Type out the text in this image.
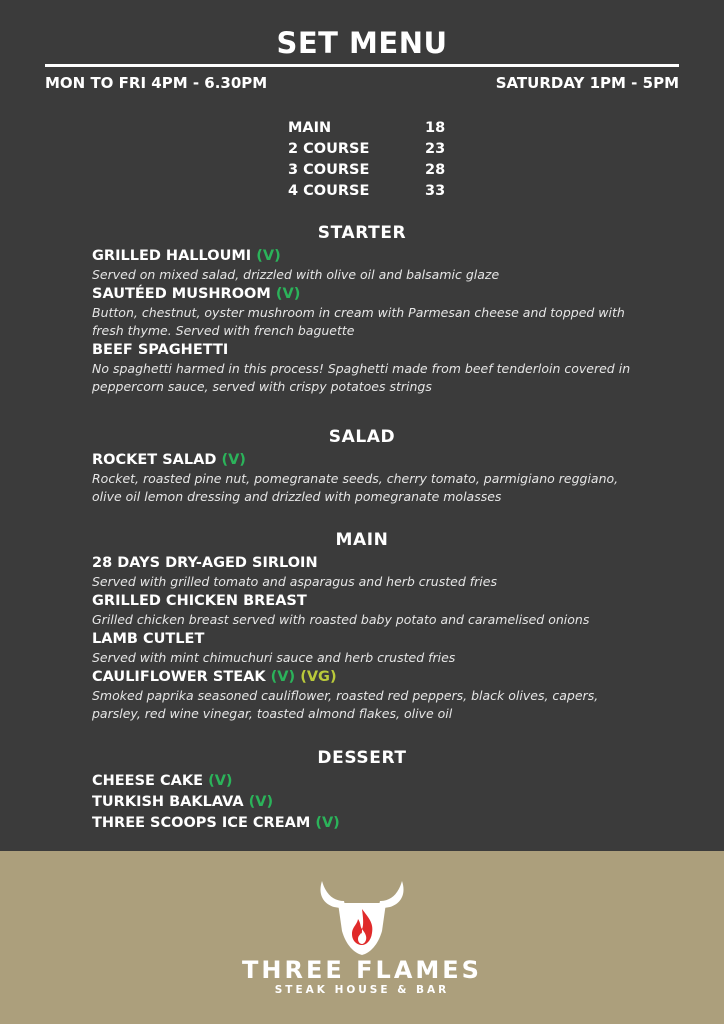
SET MENU
MON TO FRI 4PM - 6.30PM	SATURDAY 1PM - 5PM
MAIN	18
2 COURSE	23
3 COURSE	28
4 COURSE	33
STARTER
GRILLED HALLOUMI (V)
Served on mixed salad, drizzled with olive oil and balsamic glaze
SAUTÉED MUSHROOM (V)
Button, chestnut, oyster mushroom in cream with Parmesan cheese and topped with
fresh thyme. Served with french baguette
BEEF SPAGHETTI
No spaghetti harmed in this process! Spaghetti made from beef tenderloin covered in
peppercorn sauce, served with crispy potatoes strings
SALAD
ROCKET SALAD (V)
Rocket, roasted pine nut, pomegranate seeds, cherry tomato, parmigiano reggiano,
olive oil lemon dressing and drizzled with pomegranate molasses
MAIN
28 DAYS DRY-AGED SIRLOIN
Served with grilled tomato and asparagus and herb crusted fries
GRILLED CHICKEN BREAST
Grilled chicken breast served with roasted baby potato and caramelised onions
LAMB CUTLET
Served with mint chimuchuri sauce and herb crusted fries
CAULIFLOWER STEAK (V) (VG)
Smoked paprika seasoned cauliflower, roasted red peppers, black olives, capers,
parsley, red wine vinegar, toasted almond flakes, olive oil
DESSERT
CHEESE CAKE (V)
TURKISH BAKLAVA (V)
THREE SCOOPS ICE CREAM (V)
THREE FLAMES
STEAK HOUSE & BAR
